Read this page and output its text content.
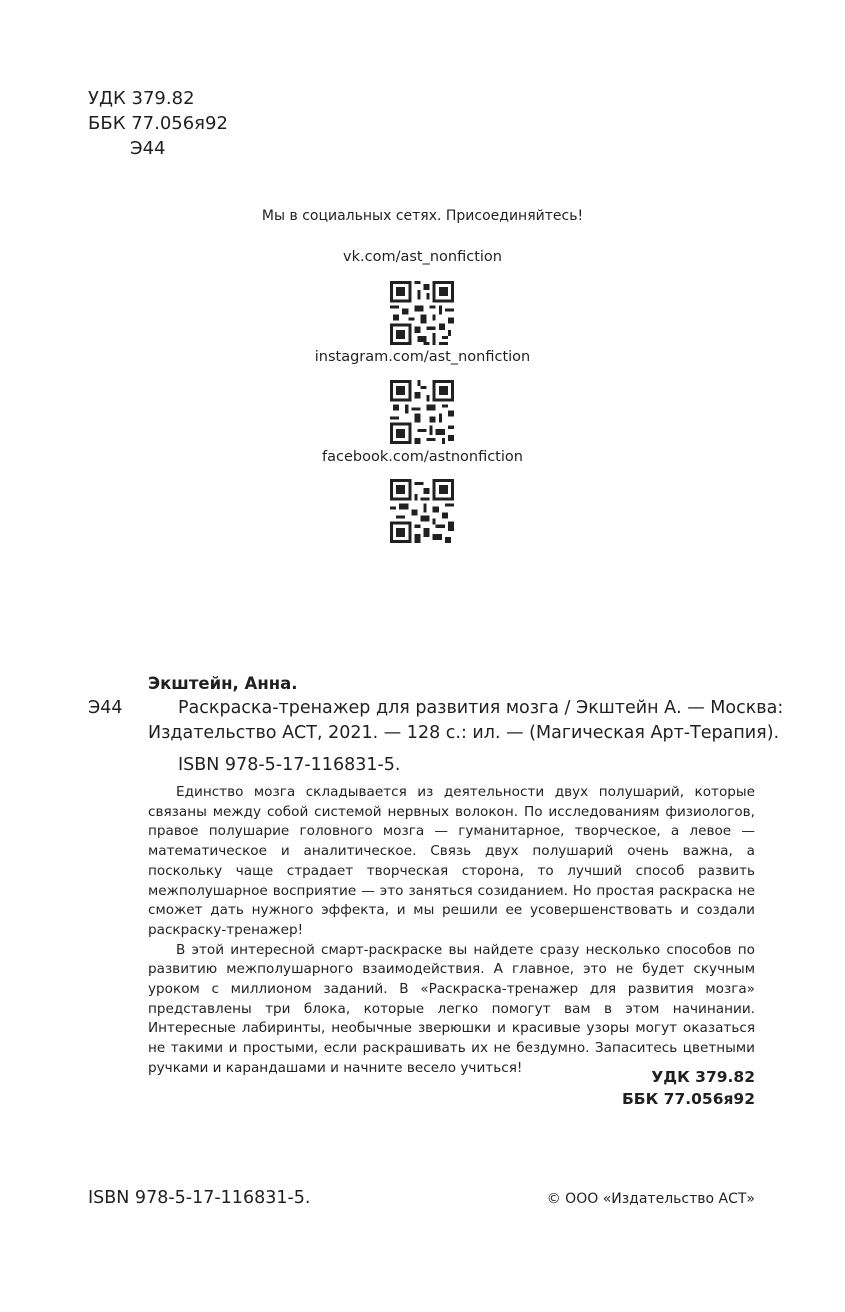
УДК 379.82
ББК 77.056я92
Э44
Мы в социальных сетях. Присоединяйтесь!
vk.com/ast_nonfiction
instagram.com/ast_nonfiction
facebook.com/astnonfiction
Экштейн, Анна.
Э44	Раскраска-тренажер для развития мозга / Экштейн А. — Москва:
Издательство АСТ, 2021. — 128 с.: ил. — (Магическая Арт-Терапия).
ISBN 978-5-17-116831-5.

Единство мозга складывается из деятельности двух полушарий, которые связаны между собой системой нервных волокон. По исследованиям физиологов, правое полушарие головного мозга — гуманитарное, творческое, а левое — математическое и аналитическое. Связь двух полушарий очень важна, а поскольку чаще страдает творческая сторона, то лучший способ развить межполушарное восприятие — это заняться созиданием. Но простая раскраска не сможет дать нужного эффекта, и мы решили ее усовершенствовать и создали раскраску-тренажер!

В этой интересной смарт-раскраске вы найдете сразу несколько способов по развитию межполушарного взаимодействия. А главное, это не будет скучным уроком с миллионом заданий. В «Раскраска-тренажер для развития мозга» представлены три блока, которые легко помогут вам в этом начинании. Интересные лабиринты, необычные зверюшки и красивые узоры могут оказаться не такими и простыми, если раскрашивать их не бездумно. Запаситесь цветными ручками и карандашами и начните весело учиться!

УДК 379.82
ББК 77.056я92
ISBN 978-5-17-116831-5.	© ООО «Издательство АСТ»
